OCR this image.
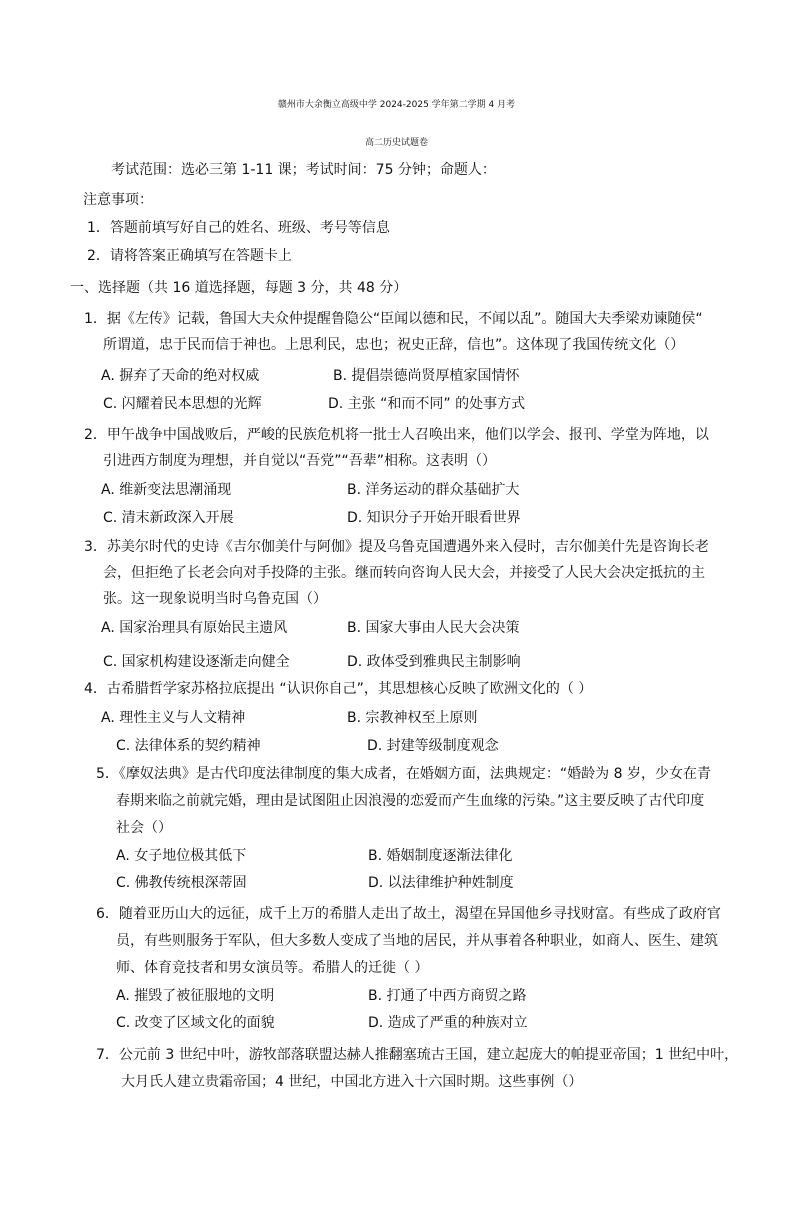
赣州市大余衡立高级中学 2024-2025 学年第二学期 4 月考
高二历史试题卷
考试范围：选必三第 1-11 课；考试时间：75 分钟；命题人：
注意事项：
1．答题前填写好自己的姓名、班级、考号等信息
2．请将答案正确填写在答题卡上
一、选择题（共 16 道选择题，每题 3 分，共 48 分）
1．据《左传》记载，鲁国大夫众仲提醒鲁隐公“臣闻以德和民，不闻以乱”。随国大夫季梁劝谏随侯“
所谓道，忠于民而信于神也。上思利民，忠也；祝史正辞，信也”。这体现了我国传统文化（）
A. 摒弃了天命的绝对权威	B. 提倡崇德尚贤厚植家国情怀
C. 闪耀着民本思想的光辉	D. 主张 “和而不同” 的处事方式
2．甲午战争中国战败后，严峻的民族危机将一批士人召唤出来，他们以学会、报刊、学堂为阵地，以
引进西方制度为理想，并自觉以“吾党”“吾辈”相称。这表明（）
A. 维新变法思潮涌现	B. 洋务运动的群众基础扩大
C. 清末新政深入开展	D. 知识分子开始开眼看世界
3．苏美尔时代的史诗《吉尔伽美什与阿伽》提及乌鲁克国遭遇外来入侵时，吉尔伽美什先是咨询长老
会，但拒绝了长老会向对手投降的主张。继而转向咨询人民大会，并接受了人民大会决定抵抗的主
张。这一现象说明当时乌鲁克国（）
A. 国家治理具有原始民主遗风	B. 国家大事由人民大会决策
C. 国家机构建设逐渐走向健全	D. 政体受到雅典民主制影响
4．古希腊哲学家苏格拉底提出 “认识你自己”，其思想核心反映了欧洲文化的（ ）
A. 理性主义与人文精神	B. 宗教神权至上原则
C. 法律体系的契约精神	D. 封建等级制度观念
5．《摩奴法典》是古代印度法律制度的集大成者，在婚姻方面，法典规定：“婚龄为 8 岁，少女在青
春期来临之前就完婚，理由是试图阻止因浪漫的恋爱而产生血缘的污染。”这主要反映了古代印度
社会（）
A. 女子地位极其低下	B. 婚姻制度逐渐法律化
C. 佛教传统根深蒂固	D. 以法律维护种姓制度
6．随着亚历山大的远征，成千上万的希腊人走出了故土，渴望在异国他乡寻找财富。有些成了政府官
员，有些则服务于军队，但大多数人变成了当地的居民，并从事着各种职业，如商人、医生、建筑
师、体育竞技者和男女演员等。希腊人的迁徙（ ）
A. 摧毁了被征服地的文明	B. 打通了中西方商贸之路
C. 改变了区域文化的面貌	D. 造成了严重的种族对立
7．公元前 3 世纪中叶，游牧部落联盟达赫人推翻塞琉古王国，建立起庞大的帕提亚帝国；1 世纪中叶，
大月氏人建立贵霜帝国；4 世纪，中国北方进入十六国时期。这些事例（）
